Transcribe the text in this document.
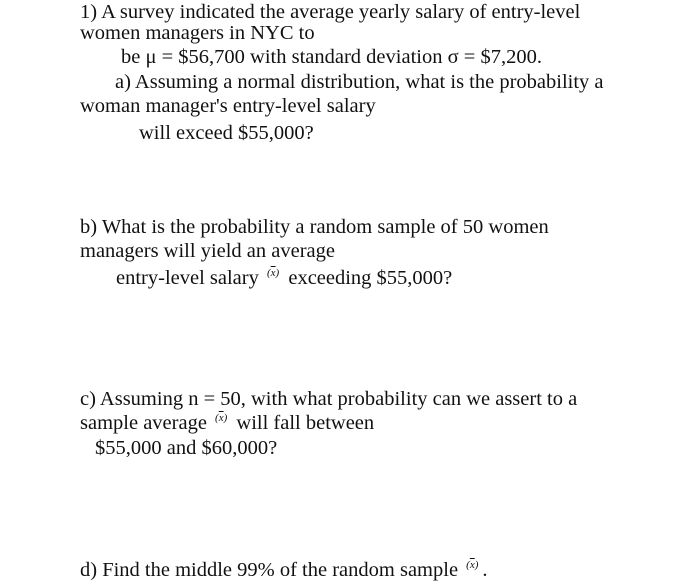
1) A survey indicated the average yearly salary of entry-level
women managers in NYC to
be μ = $56,700 with standard deviation σ = $7,200.
a) Assuming a normal distribution, what is the probability a
woman manager's entry-level salary
will exceed $55,000?
b) What is the probability a random sample of 50 women
managers will yield an average
entry-level salary $^{(\overline{x})}$ exceeding $55,000?
c) Assuming n = 50, with what probability can we assert to a
sample average $^{(\overline{x})}$ will fall between
$55,000 and $60,000?
d) Find the middle 99% of the random sample $^{(\overline{x})}$ .
